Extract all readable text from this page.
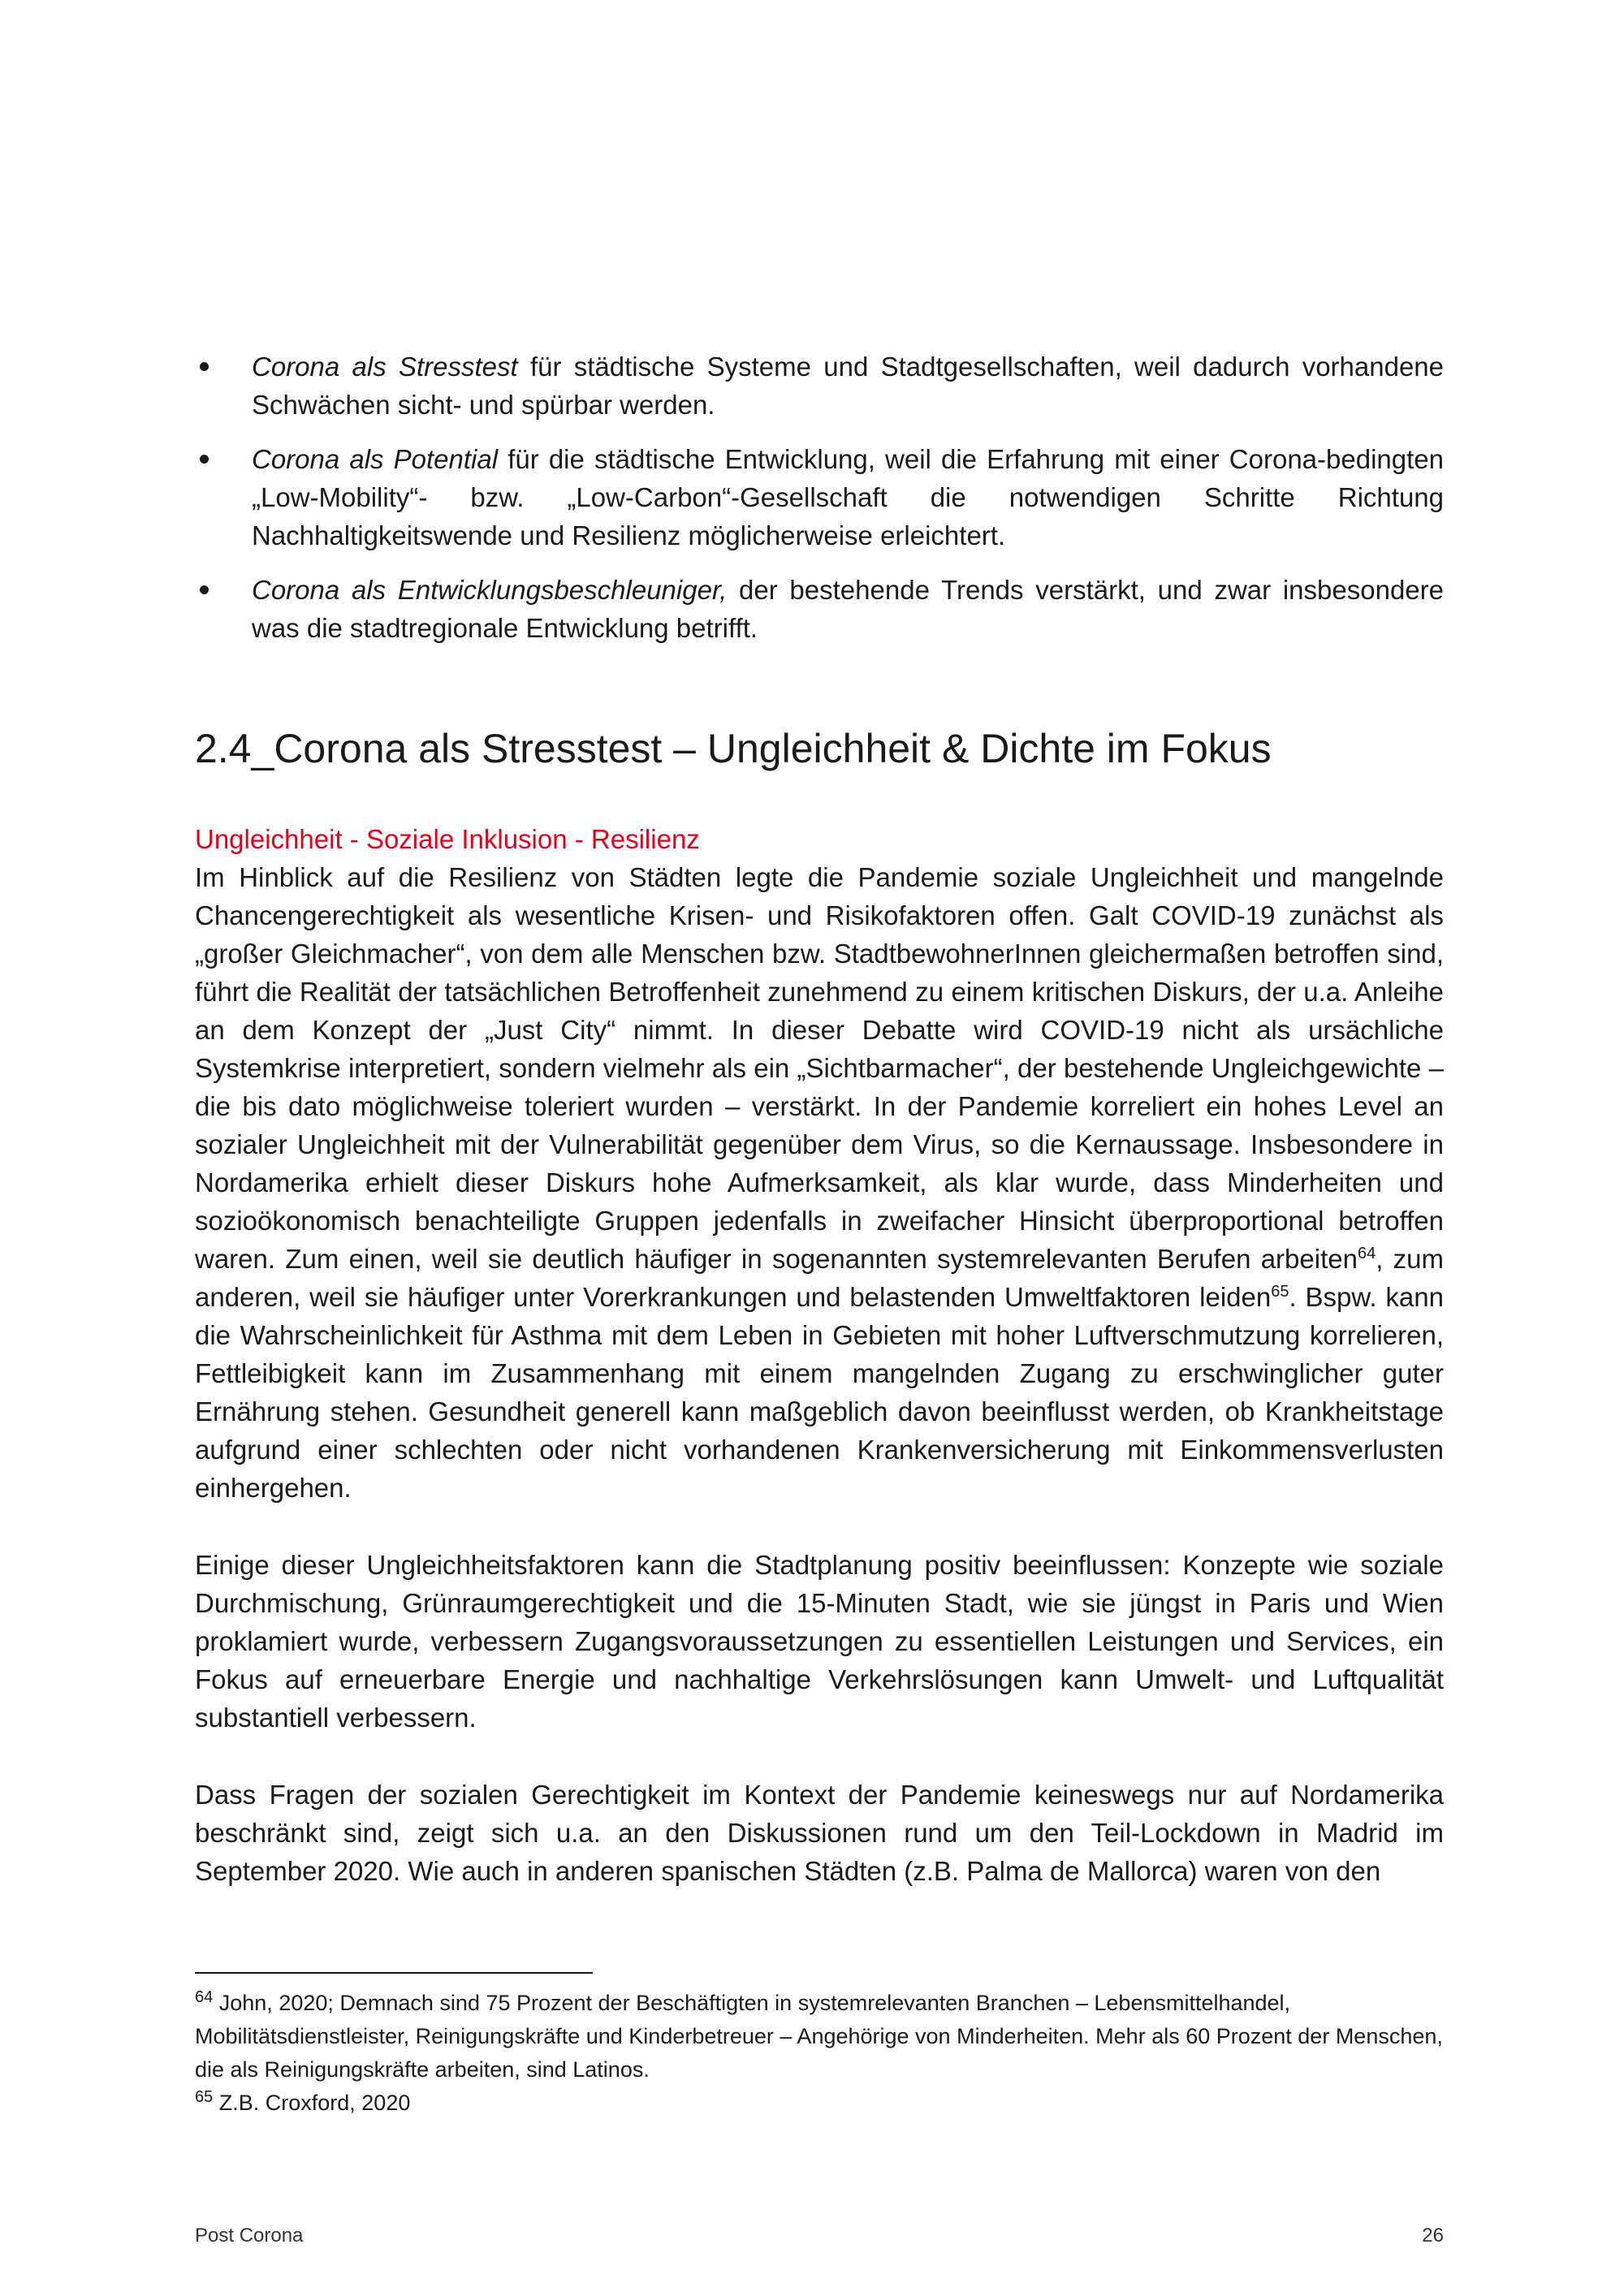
Corona als Stresstest für städtische Systeme und Stadtgesellschaften, weil dadurch vorhandene Schwächen sicht- und spürbar werden.
Corona als Potential für die städtische Entwicklung, weil die Erfahrung mit einer Corona-bedingten „Low-Mobility“- bzw. „Low-Carbon“-Gesellschaft die notwendigen Schritte Richtung Nachhaltigkeitswende und Resilienz möglicherweise erleichtert.
Corona als Entwicklungsbeschleuniger, der bestehende Trends verstärkt, und zwar insbesondere was die stadtregionale Entwicklung betrifft.
2.4_Corona als Stresstest – Ungleichheit & Dichte im Fokus
Ungleichheit - Soziale Inklusion - Resilienz

Im Hinblick auf die Resilienz von Städten legte die Pandemie soziale Ungleichheit und mangelnde Chancengerechtigkeit als wesentliche Krisen- und Risikofaktoren offen. Galt COVID-19 zunächst als „großer Gleichmacher“, von dem alle Menschen bzw. StadtbewohnerInnen gleichermaßen betroffen sind, führt die Realität der tatsächlichen Betroffenheit zunehmend zu einem kritischen Diskurs, der u.a. Anleihe an dem Konzept der „Just City“ nimmt. In dieser Debatte wird COVID-19 nicht als ursächliche Systemkrise interpretiert, sondern vielmehr als ein „Sichtbarmacher“, der bestehende Ungleichgewichte – die bis dato möglichweise toleriert wurden – verstärkt. In der Pandemie korreliert ein hohes Level an sozialer Ungleichheit mit der Vulnerabilität gegenüber dem Virus, so die Kernaussage. Insbesondere in Nordamerika erhielt dieser Diskurs hohe Aufmerksamkeit, als klar wurde, dass Minderheiten und sozioökonomisch benachteiligte Gruppen jedenfalls in zweifacher Hinsicht überproportional betroffen waren. Zum einen, weil sie deutlich häufiger in sogenannten systemrelevanten Berufen arbeiten$^{64}$, zum anderen, weil sie häufiger unter Vorerkrankungen und belastenden Umweltfaktoren leiden$^{65}$. Bspw. kann die Wahrscheinlichkeit für Asthma mit dem Leben in Gebieten mit hoher Luftverschmutzung korrelieren, Fettleibigkeit kann im Zusammenhang mit einem mangelnden Zugang zu erschwinglicher guter Ernährung stehen. Gesundheit generell kann maßgeblich davon beeinflusst werden, ob Krankheitstage aufgrund einer schlechten oder nicht vorhandenen Krankenversicherung mit Einkommensverlusten einhergehen.

Einige dieser Ungleichheitsfaktoren kann die Stadtplanung positiv beeinflussen: Konzepte wie soziale Durchmischung, Grünraumgerechtigkeit und die 15-Minuten Stadt, wie sie jüngst in Paris und Wien proklamiert wurde, verbessern Zugangsvoraussetzungen zu essentiellen Leistungen und Services, ein Fokus auf erneuerbare Energie und nachhaltige Verkehrslösungen kann Umwelt- und Luftqualität substantiell verbessern.

Dass Fragen der sozialen Gerechtigkeit im Kontext der Pandemie keineswegs nur auf Nordamerika beschränkt sind, zeigt sich u.a. an den Diskussionen rund um den Teil-Lockdown in Madrid im September 2020. Wie auch in anderen spanischen Städten (z.B. Palma de Mallorca) waren von den

$^{64}$ John, 2020; Demnach sind 75 Prozent der Beschäftigten in systemrelevanten Branchen – Lebensmittelhandel, Mobilitätsdienstleister, Reinigungskräfte und Kinderbetreuer – Angehörige von Minderheiten. Mehr als 60 Prozent der Menschen, die als Reinigungskräfte arbeiten, sind Latinos.
$^{65}$ Z.B. Croxford, 2020
Post Corona	26
